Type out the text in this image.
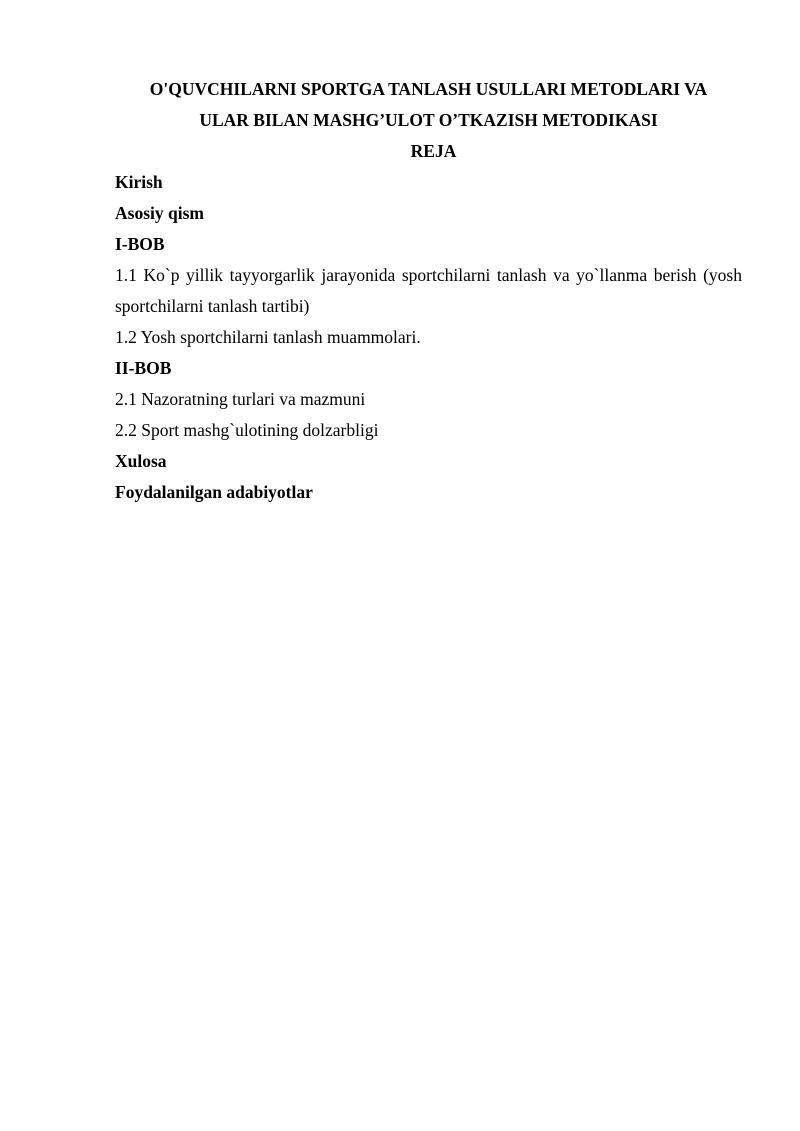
O'QUVCHILARNI SPORTGA TANLASH USULLARI METODLARI VA
ULAR BILAN MASHG’ULOT O’TKAZISH METODIKASI

REJA

Kirish

Asosiy qism

I-BOB

1.1 Ko`p yillik tayyorgarlik jarayonida sportchilarni tanlash va yo`llanma berish (yosh sportchilarni tanlash tartibi)

1.2 Yosh sportchilarni tanlash muammolari.

II-BOB

2.1 Nazoratning turlari va mazmuni

2.2 Sport mashg`ulotining dolzarbligi

Xulosa

Foydalanilgan adabiyotlar
